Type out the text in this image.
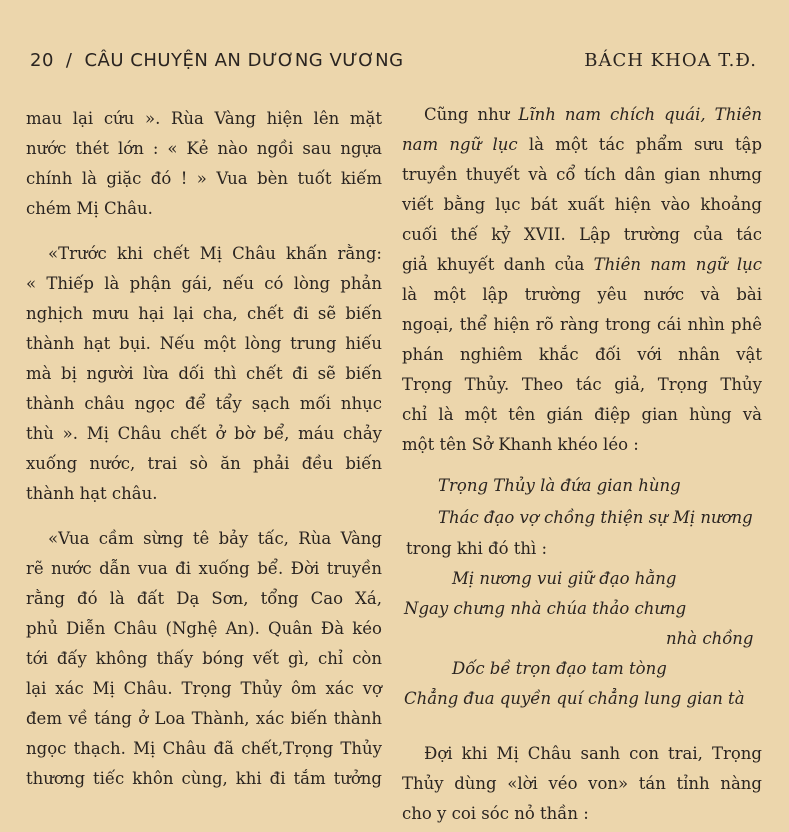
20 / CÂU CHUYỆN AN DƯƠNG VƯƠNG	BÁCH KHOA T.Đ.
mau lại cứu ». Rùa Vàng hiện lên mặt
nước thét lớn : « Kẻ nào ngồi sau ngựa
chính là giặc đó ! » Vua bèn tuốt kiếm
chém Mị Châu.
«Trước khi chết Mị Châu khấn rằng:
« Thiếp là phận gái, nếu có lòng phản
nghịch mưu hại lại cha, chết đi sẽ biến
thành hạt bụi. Nếu một lòng trung hiếu
mà bị người lừa dối thì chết đi sẽ biến
thành châu ngọc để tẩy sạch mối nhục
thù ». Mị Châu chết ở bờ bể, máu chảy
xuống nước, trai sò ăn phải đều biến
thành hạt châu.
«Vua cầm sừng tê bảy tấc, Rùa Vàng
rẽ nước dẫn vua đi xuống bể. Đời truyền
rằng đó là đất Dạ Sơn, tổng Cao Xá,
phủ Diễn Châu (Nghệ An). Quân Đà kéo
tới đấy không thấy bóng vết gì, chỉ còn
lại xác Mị Châu. Trọng Thủy ôm xác vợ
đem về táng ở Loa Thành, xác biến thành
ngọc thạch. Mị Châu đã chết,Trọng Thủy
thương tiếc khôn cùng, khi đi tắm tưởng
Cũng như Lĩnh nam chích quái, Thiên
nam ngữ lục là một tác phẩm sưu tập
truyền thuyết và cổ tích dân gian nhưng
viết bằng lục bát xuất hiện vào khoảng
cuối thế kỷ XVII. Lập trường của tác
giả khuyết danh của Thiên nam ngữ lục
là một lập trường yêu nước và bài
ngoại, thể hiện rõ ràng trong cái nhìn phê
phán nghiêm khắc đối với nhân vật
Trọng Thủy. Theo tác giả, Trọng Thủy
chỉ là một tên gián điệp gian hùng và
một tên Sở Khanh khéo léo :
Trọng Thủy là đứa gian hùng
Thác đạo vợ chồng thiện sự Mị nương
trong khi đó thì :
Mị nương vui giữ đạo hằng
Ngay chưng nhà chúa thảo chưng
nhà chồng
Dốc bề trọn đạo tam tòng
Chẳng đua quyền quí chẳng lung gian tà
Đợi khi Mị Châu sanh con trai, Trọng
Thủy dùng «lời véo von» tán tỉnh nàng
cho y coi sóc nỏ thần :
